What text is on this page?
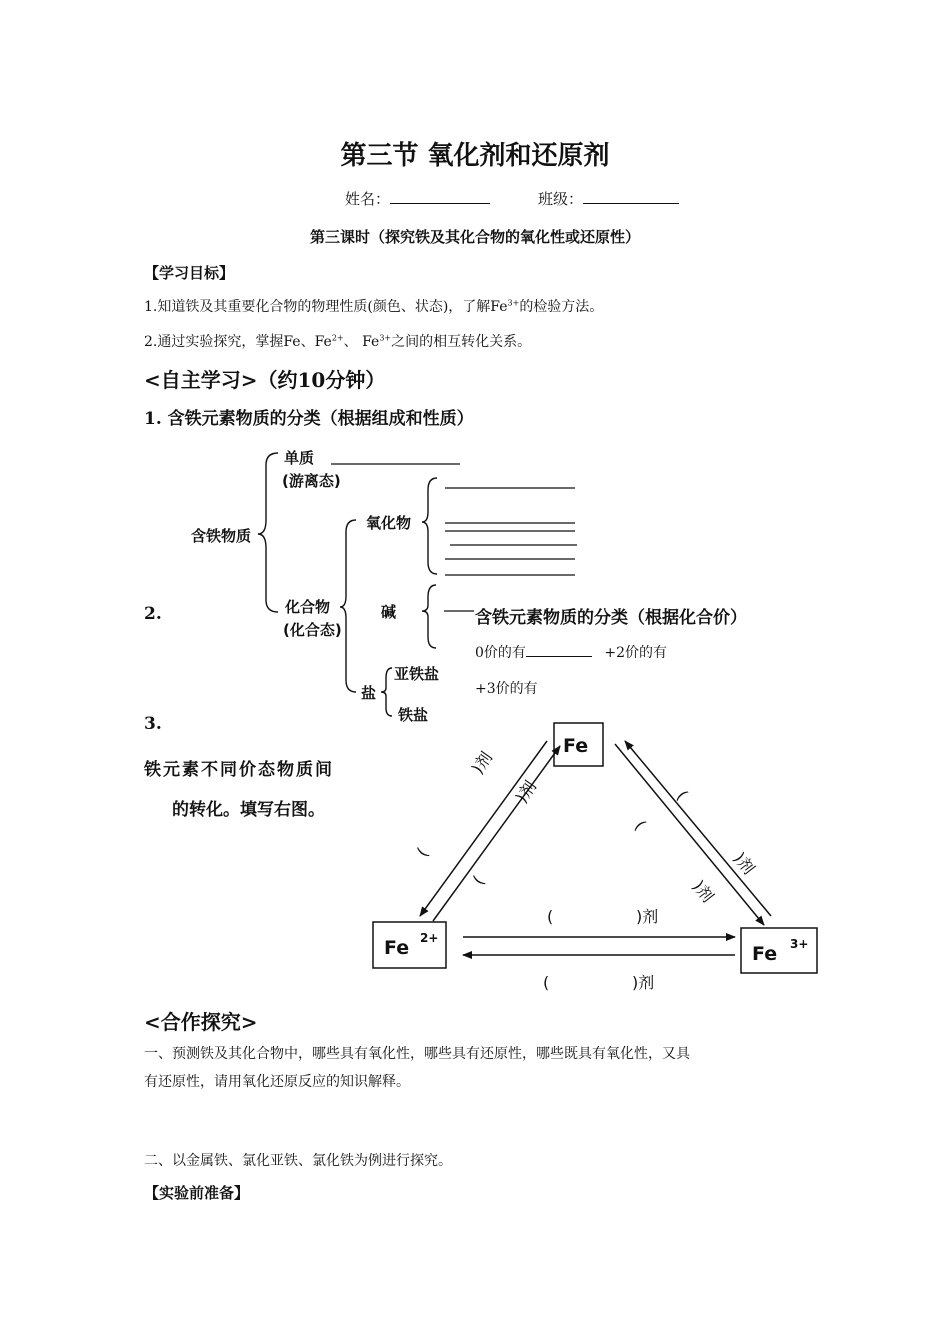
第三节 氧化剂和还原剂
姓名：	班级：
第三课时（探究铁及其化合物的氧化性或还原性）
【学习目标】
1.知道铁及其重要化合物的物理性质(颜色、状态)，了解$Fe^{3+}$的检验方法。
2.通过实验探究，掌握Fe、$Fe^{2+}$、 $Fe^{3+}$之间的相互转化关系。
<自主学习>（约10分钟）
1. 含铁元素物质的分类（根据组成和性质）
含铁物质
单质
(游离态)
化合物
(化合态)
氧化物
碱
盐
亚铁盐
铁盐
Fe
Fe 2+
Fe 3+
)剂
)剂
(
(
(
(
)剂
)剂
(	)剂
(	)剂
2.	含铁元素物质的分类（根据化合价）
0价的有	+2价的有
+3价的有
3.
铁元素不同价态物质间
的转化。填写右图。
<合作探究>
一、预测铁及其化合物中，哪些具有氧化性，哪些具有还原性，哪些既具有氧化性，又具
有还原性，请用氧化还原反应的知识解释。
二、以金属铁、氯化亚铁、氯化铁为例进行探究。
【实验前准备】
